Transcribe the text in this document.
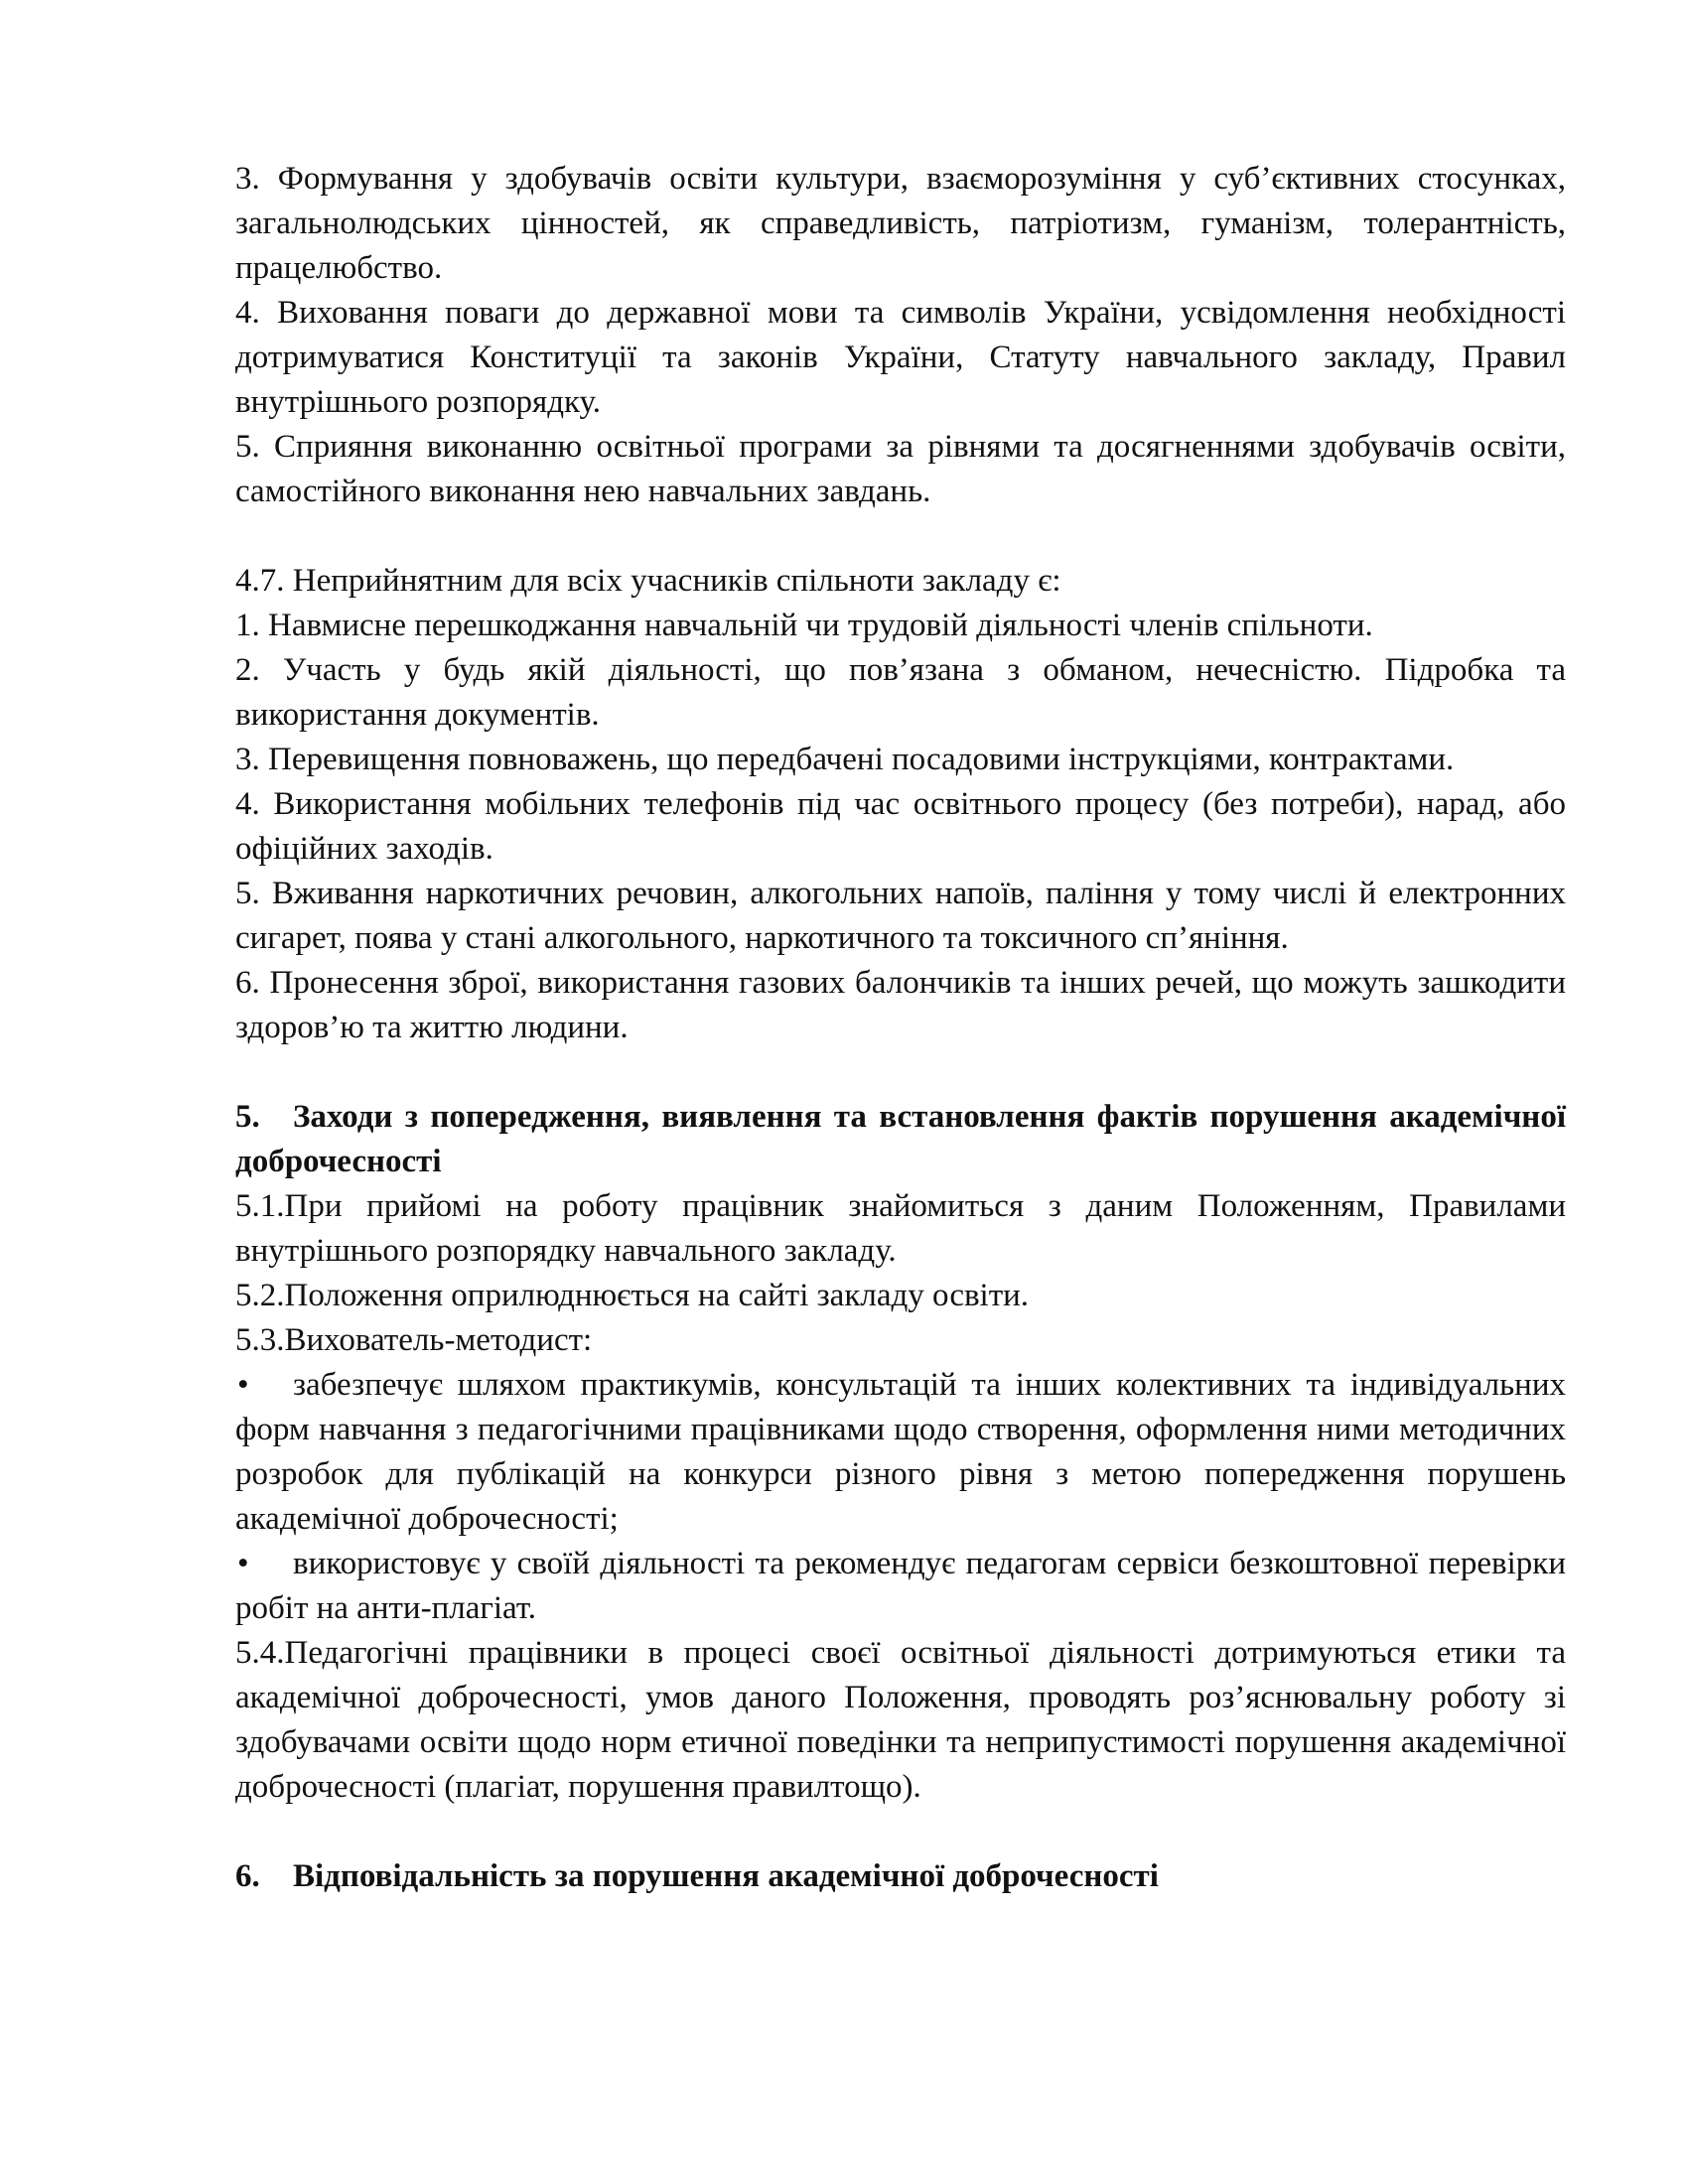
3. Формування у здобувачів освіти культури, взаєморозуміння у суб’єктивних стосунках, загальнолюдських цінностей, як справедливість, патріотизм, гуманізм, толерантність, працелюбство.

4. Виховання поваги до державної мови та символів України, усвідомлення необхідності дотримуватися Конституції та законів України, Статуту навчального закладу, Правил внутрішнього розпорядку.

5. Сприяння виконанню освітньої програми за рівнями та досягненнями здобувачів освіти, самостійного виконання нею навчальних завдань.

4.7. Неприйнятним для всіх учасників спільноти закладу є:

1. Навмисне перешкоджання навчальній чи трудовій діяльності членів спільноти.

2. Участь у будь якій діяльності, що пов’язана з обманом, нечесністю. Підробка та використання документів.

3. Перевищення повноважень, що передбачені посадовими інструкціями, контрактами.

4. Використання мобільних телефонів під час освітнього процесу (без потреби), нарад, або офіційних заходів.

5. Вживання наркотичних речовин, алкогольних напоїв, паління у тому числі й електронних сигарет, поява у стані алкогольного, наркотичного та токсичного сп’яніння.

6. Пронесення зброї, використання газових балончиків та інших речей, що можуть зашкодити здоров’ю та життю людини.

5. Заходи з попередження, виявлення та встановлення фактів порушення академічної доброчесності

5.1.При прийомі на роботу працівник знайомиться з даним Положенням, Правилами внутрішнього розпорядку навчального закладу.

5.2.Положення оприлюднюється на сайті закладу освіти.

5.3.Вихователь-методист:

• забезпечує шляхом практикумів, консультацій та інших колективних та індивідуальних форм навчання з педагогічними працівниками щодо створення, оформлення ними методичних розробок для публікацій на конкурси різного рівня з метою попередження порушень академічної доброчесності;

• використовує у своїй діяльності та рекомендує педагогам сервіси безкоштовної перевірки робіт на анти-плагіат.

5.4.Педагогічні працівники в процесі своєї освітньої діяльності дотримуються етики та академічної доброчесності, умов даного Положення, проводять роз’яснювальну роботу зі здобувачами освіти щодо норм етичної поведінки та неприпустимості порушення академічної доброчесності (плагіат, порушення правилтощо).

6. Відповідальність за порушення академічної доброчесності
